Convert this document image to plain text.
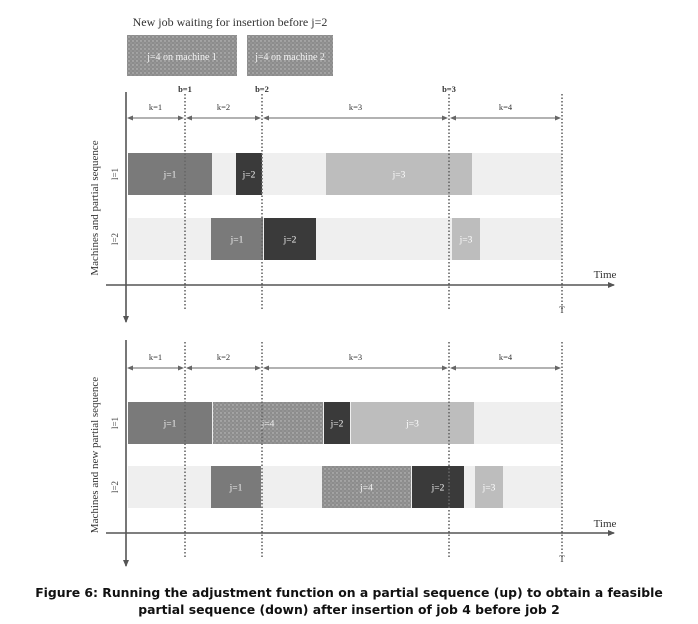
New job waiting for insertion before j=2
j=4 on machine 1	j=4 on machine 2
j=1	j=2	j=3
j=1	j=2	j=3
b=1	b=2	b=3
k=1	k=2	k=3	k=4
Time
T
Machines and partial sequence l=1
l=2
j=1	j=4	j=2	j=3
j=1	j=4	j=2	j=3
k=1	k=2	k=3	k=4
Time
T
Machines and new partial sequence l=1
l=2
Figure 6: Running the adjustment function on a partial sequence (up) to obtain a feasible
partial sequence (down) after insertion of job 4 before job 2
